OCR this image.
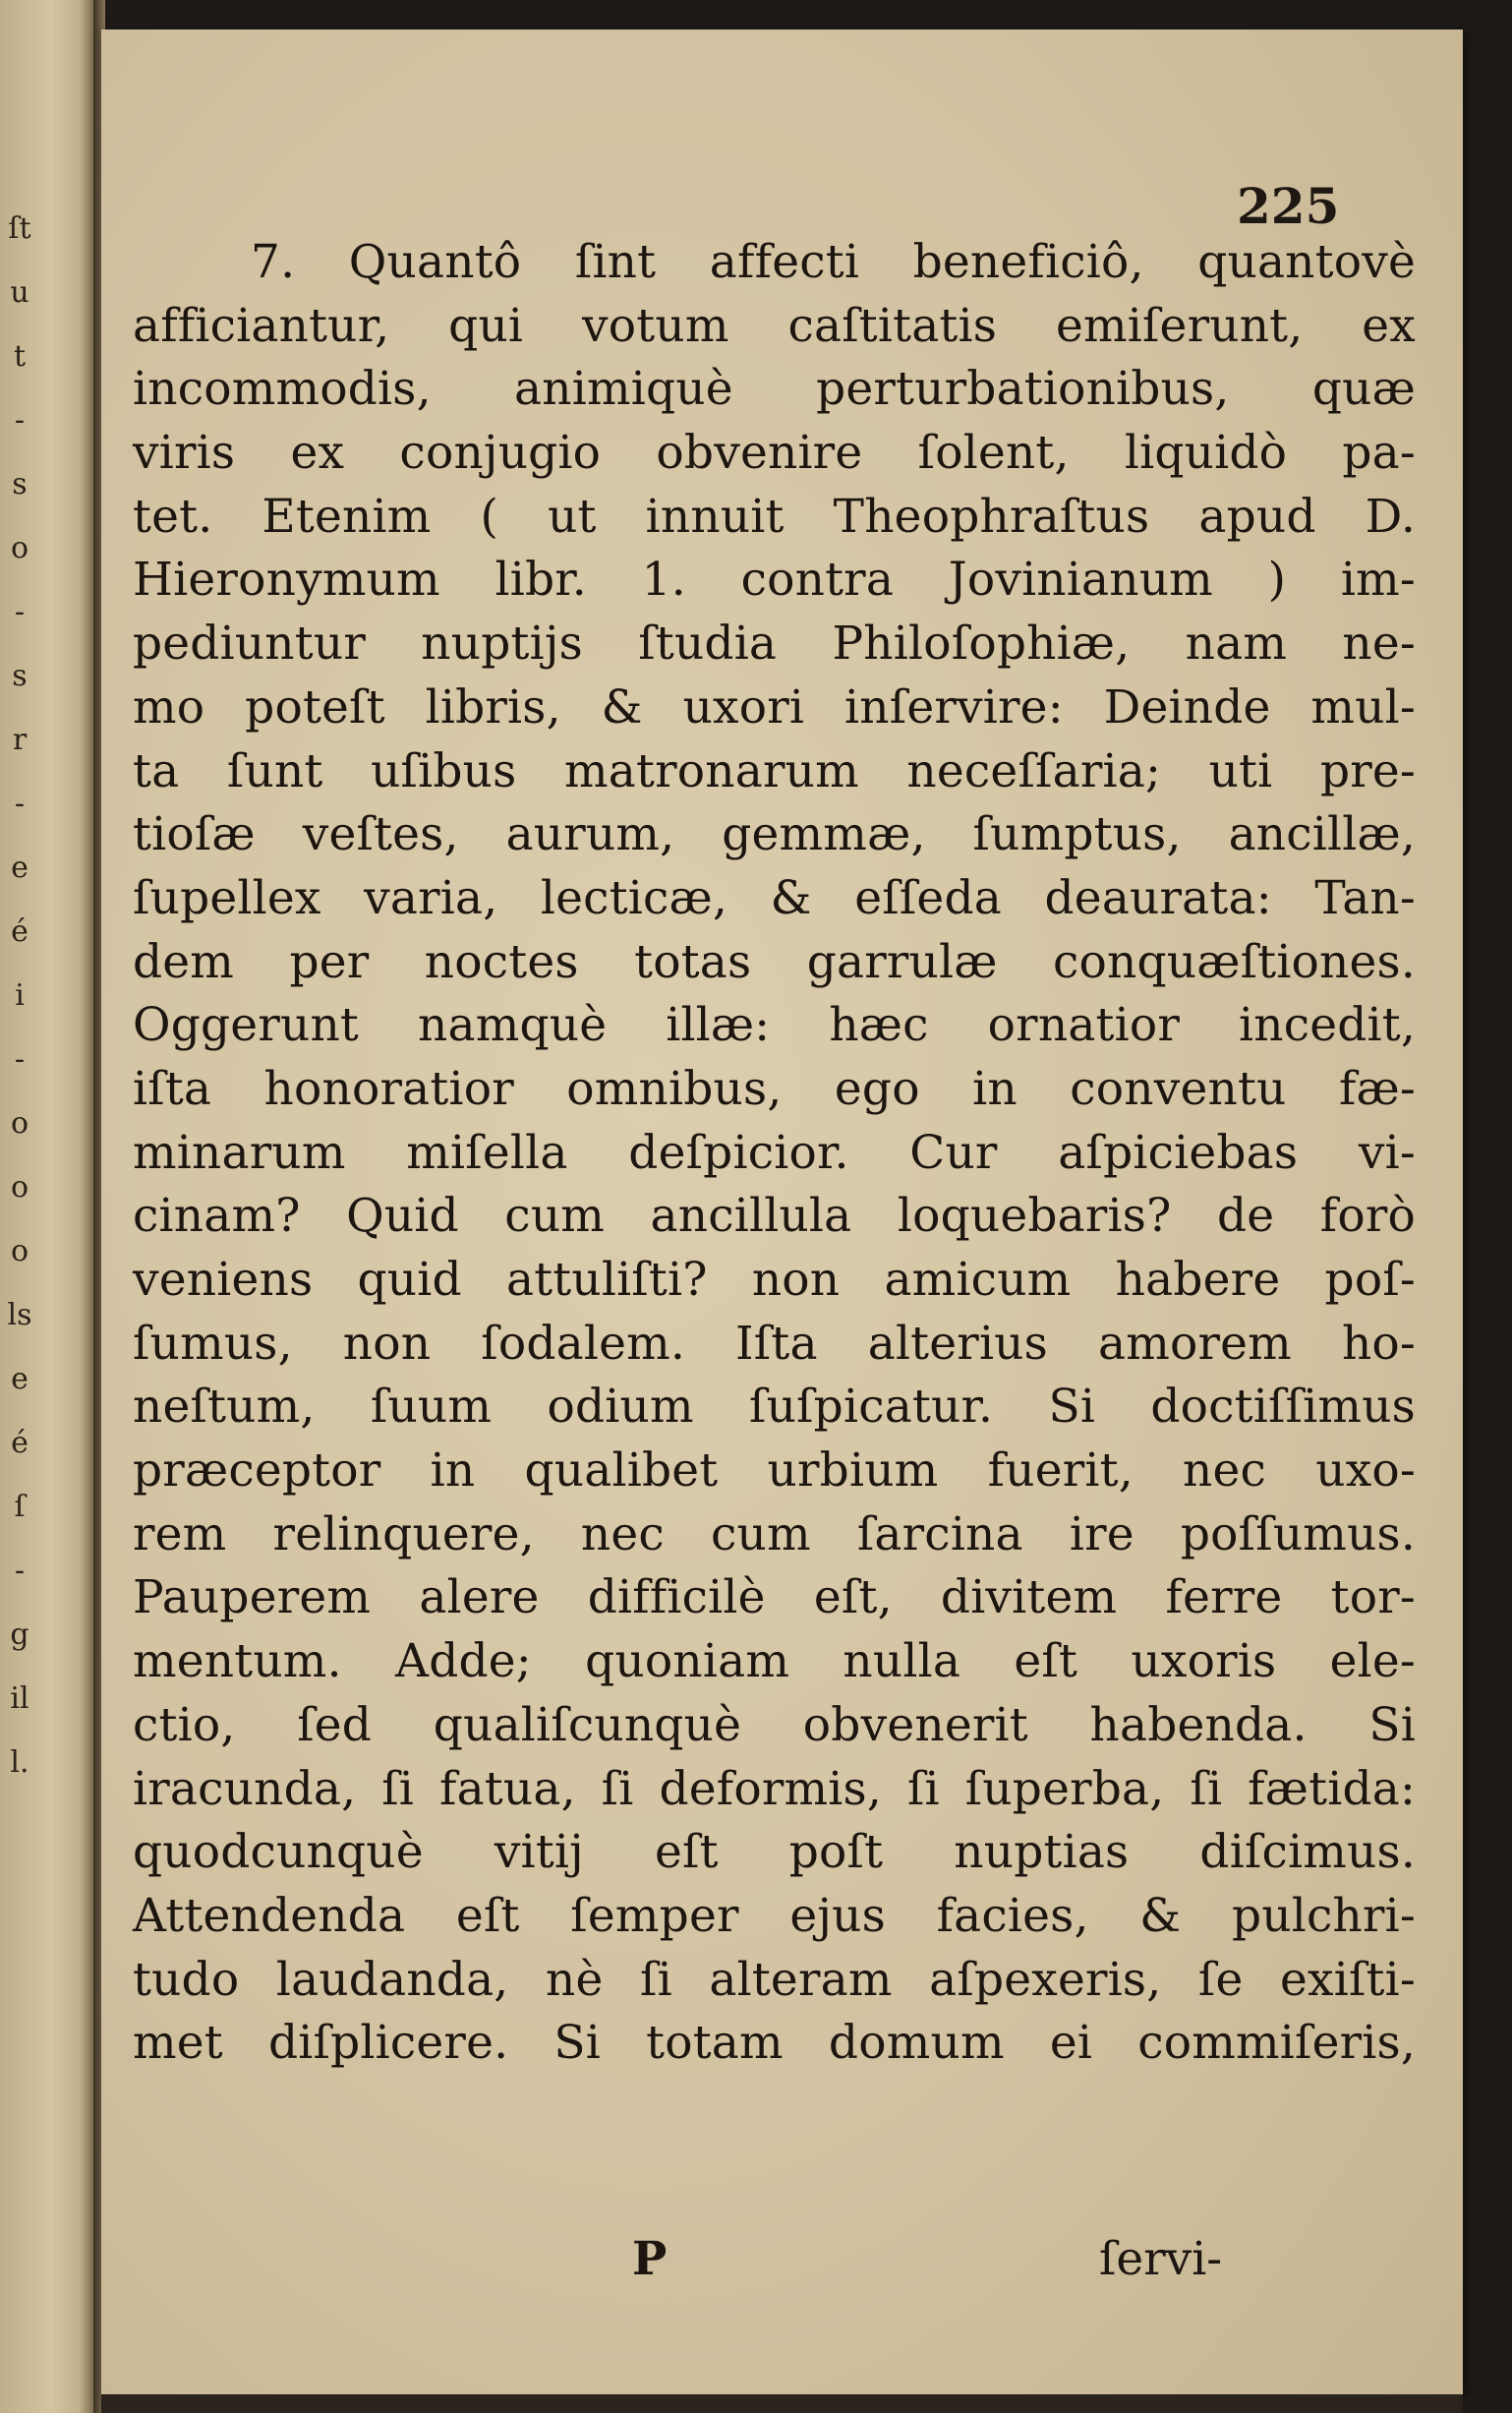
ſt
u
t
-
s
o
-
s
r
-
e
é
i
-
o
o
o
ls
e
é
ſ
-
g
il
l.
225
7. Quantô ſint affecti beneficiô, quantovè
afficiantur, qui votum caſtitatis emiſerunt, ex
incommodis, animiquè perturbationibus, quæ
viris ex conjugio obvenire ſolent, liquidò pa-
tet. Etenim ( ut innuit Theophraſtus apud D.
Hieronymum libr. 1. contra Jovinianum ) im-
pediuntur nuptijs ſtudia Philoſophiæ, nam ne-
mo poteſt libris, & uxori inſervire: Deinde mul-
ta ſunt uſibus matronarum neceſſaria; uti pre-
tioſæ veſtes, aurum, gemmæ, ſumptus, ancillæ,
ſupellex varia, lecticæ, & eſſeda deaurata: Tan-
dem per noctes totas garrulæ conquæſtiones.
Oggerunt namquè illæ: hæc ornatior incedit,
iſta honoratior omnibus, ego in conventu fæ-
minarum miſella deſpicior. Cur aſpiciebas vi-
cinam? Quid cum ancillula loquebaris? de forò
veniens quid attuliſti? non amicum habere poſ-
ſumus, non ſodalem. Iſta alterius amorem ho-
neſtum, ſuum odium ſuſpicatur. Si doctiſſimus
præceptor in qualibet urbium fuerit, nec uxo-
rem relinquere, nec cum ſarcina ire poſſumus.
Pauperem alere difficilè eſt, divitem ferre tor-
mentum. Adde; quoniam nulla eſt uxoris ele-
ctio, ſed qualiſcunquè obvenerit habenda. Si
iracunda, ſi fatua, ſi deformis, ſi ſuperba, ſi fætida:
quodcunquè vitij eſt poſt nuptias diſcimus.
Attendenda eſt ſemper ejus facies, & pulchri-
tudo laudanda, nè ſi alteram aſpexeris, ſe exiſti-
met diſplicere. Si totam domum ei commiſeris,
P	ſervi-
